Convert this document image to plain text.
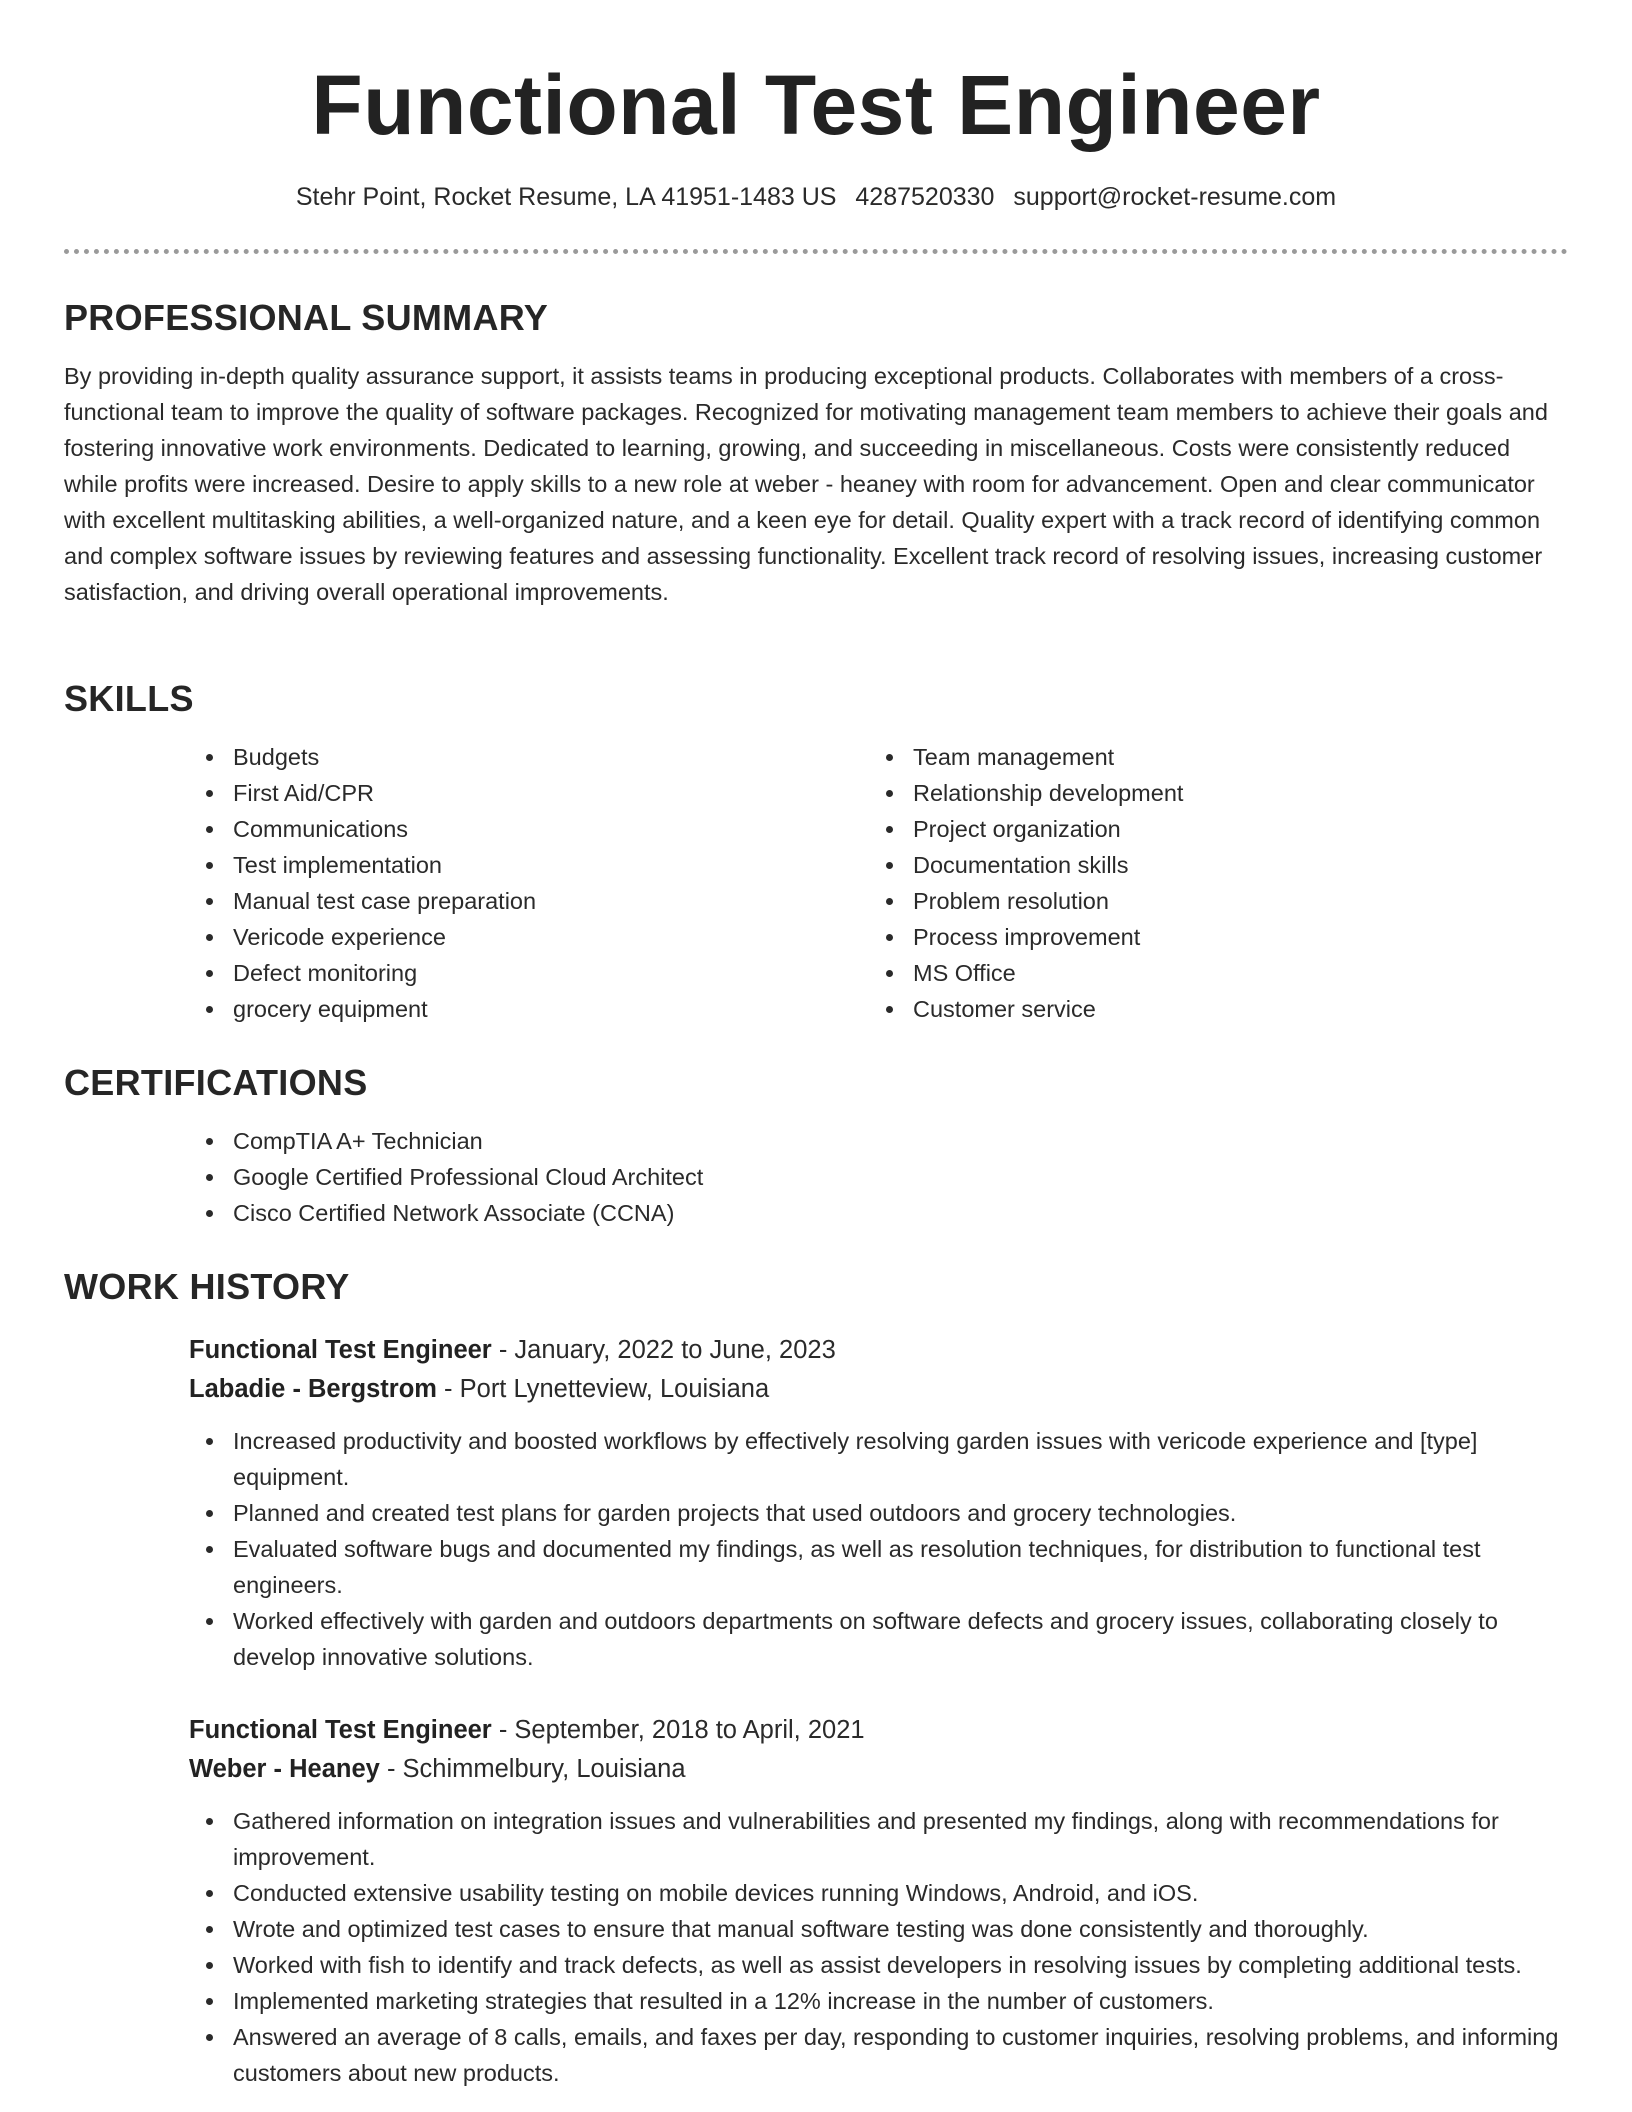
Functional Test Engineer
Stehr Point, Rocket Resume, LA 41951-1483 US 4287520330 support@rocket-resume.com
PROFESSIONAL SUMMARY

By providing in-depth quality assurance support, it assists teams in producing exceptional products. Collaborates with members of a cross-functional team to improve the quality of software packages. Recognized for motivating management team members to achieve their goals and fostering innovative work environments. Dedicated to learning, growing, and succeeding in miscellaneous. Costs were consistently reduced while profits were increased. Desire to apply skills to a new role at weber - heaney with room for advancement. Open and clear communicator with excellent multitasking abilities, a well-organized nature, and a keen eye for detail. Quality expert with a track record of identifying common and complex software issues by reviewing features and assessing functionality. Excellent track record of resolving issues, increasing customer satisfaction, and driving overall operational improvements.

SKILLS
Budgets
First Aid/CPR
Communications
Test implementation
Manual test case preparation
Vericode experience
Defect monitoring
grocery equipment
Team management
Relationship development
Project organization
Documentation skills
Problem resolution
Process improvement
MS Office
Customer service
CERTIFICATIONS
CompTIA A+ Technician
Google Certified Professional Cloud Architect
Cisco Certified Network Associate (CCNA)
WORK HISTORY
Functional Test Engineer - January, 2022 to June, 2023
Labadie - Bergstrom - Port Lynetteview, Louisiana
Increased productivity and boosted workflows by effectively resolving garden issues with vericode experience and [type] equipment.
Planned and created test plans for garden projects that used outdoors and grocery technologies.
Evaluated software bugs and documented my findings, as well as resolution techniques, for distribution to functional test engineers.
Worked effectively with garden and outdoors departments on software defects and grocery issues, collaborating closely to develop innovative solutions.
Functional Test Engineer - September, 2018 to April, 2021
Weber - Heaney - Schimmelbury, Louisiana
Gathered information on integration issues and vulnerabilities and presented my findings, along with recommendations for improvement.
Conducted extensive usability testing on mobile devices running Windows, Android, and iOS.
Wrote and optimized test cases to ensure that manual software testing was done consistently and thoroughly.
Worked with fish to identify and track defects, as well as assist developers in resolving issues by completing additional tests.
Implemented marketing strategies that resulted in a 12% increase in the number of customers.
Answered an average of 8 calls, emails, and faxes per day, responding to customer inquiries, resolving problems, and informing customers about new products.
